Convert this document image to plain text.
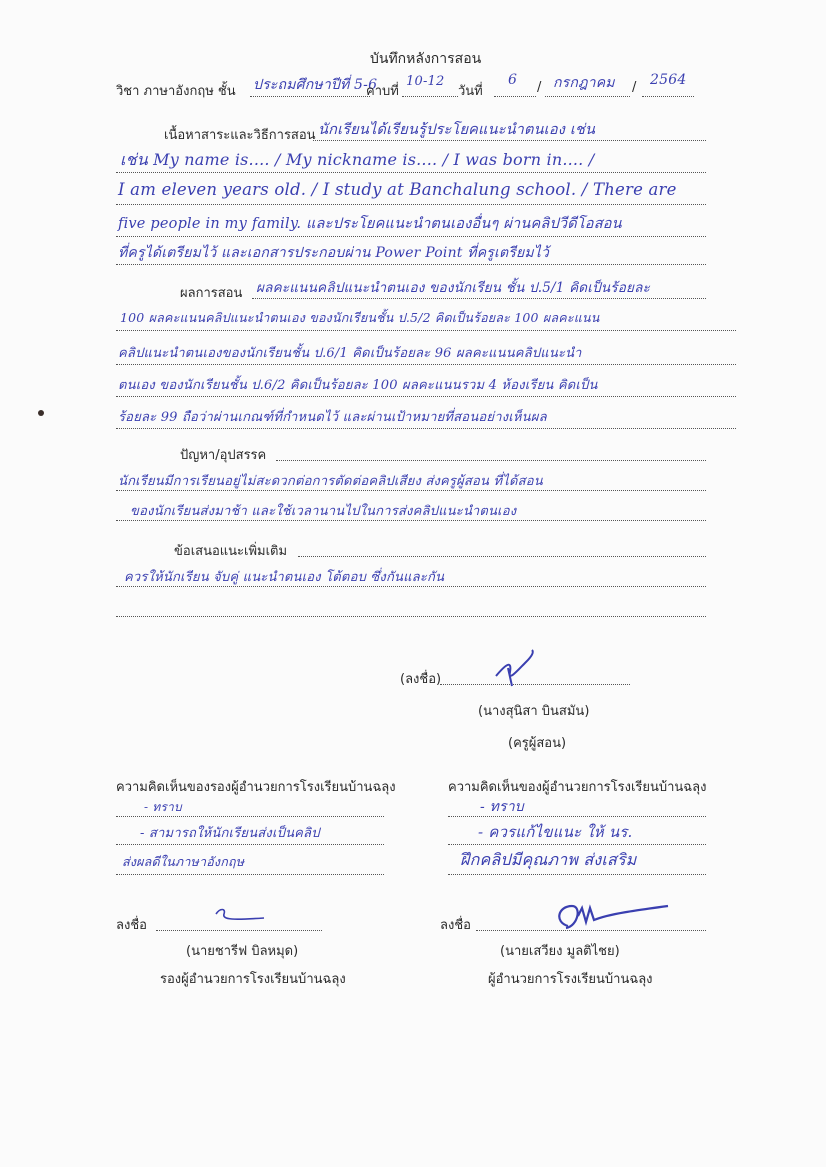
บันทึกหลังการสอน
วิชา ภาษาอังกฤษ ชั้น ประถมศึกษาปีที่ 5-6
คาบที่
10-12
วันที่
6 / กรกฎาคม / 2564
เนื้อหาสาระและวิธีการสอน นักเรียนได้เรียนรู้ประโยคแนะนำตนเอง เช่น
เช่น My name is.... / My nickname is.... / I was born in.... /
I am eleven years old. / I study at Banchalung school. / There are
five people in my family. และประโยคแนะนำตนเองอื่นๆ ผ่านคลิปวีดีโอสอน
ที่ครูได้เตรียมไว้ และเอกสารประกอบผ่าน Power Point ที่ครูเตรียมไว้
ผลการสอน ผลคะแนนคลิปแนะนำตนเอง ของนักเรียน ชั้น ป.5/1 คิดเป็นร้อยละ
100 ผลคะแนนคลิปแนะนำตนเอง ของนักเรียนชั้น ป.5/2 คิดเป็นร้อยละ 100 ผลคะแนน
คลิปแนะนำตนเองของนักเรียนชั้น ป.6/1 คิดเป็นร้อยละ 96 ผลคะแนนคลิปแนะนำ
ตนเอง ของนักเรียนชั้น ป.6/2 คิดเป็นร้อยละ 100 ผลคะแนนรวม 4 ห้องเรียน คิดเป็น
ร้อยละ 99 ถือว่าผ่านเกณฑ์ที่กำหนดไว้ และผ่านเป้าหมายที่สอนอย่างเห็นผล
ปัญหา/อุปสรรค
นักเรียนมีการเรียนอยู่ไม่สะดวกต่อการตัดต่อคลิปเสียง ส่งครูผู้สอน ที่ได้สอน
ของนักเรียนส่งมาช้า และใช้เวลานานไปในการส่งคลิปแนะนำตนเอง
ข้อเสนอแนะเพิ่มเติม
ควรให้นักเรียน จับคู่ แนะนำตนเอง โต้ตอบ ซึ่งกันและกัน
(ลงชื่อ)
(นางสุนิสา บินสมัน)
(ครูผู้สอน)
ความคิดเห็นของรองผู้อำนวยการโรงเรียนบ้านฉลุง
- ทราบ
- สามารถให้นักเรียนส่งเป็นคลิป
ส่งผลดีในภาษาอังกฤษ
ลงชื่อ
(นายชารีฟ บิลหมุด)
รองผู้อำนวยการโรงเรียนบ้านฉลุง
ความคิดเห็นของผู้อำนวยการโรงเรียนบ้านฉลุง
- ทราบ
- ควรแก้ไขแนะ ให้ นร.
ฝึกคลิปมีคุณภาพ ส่งเสริม
ลงชื่อ
(นายเสวียง มูลติไชย)
ผู้อำนวยการโรงเรียนบ้านฉลุง
